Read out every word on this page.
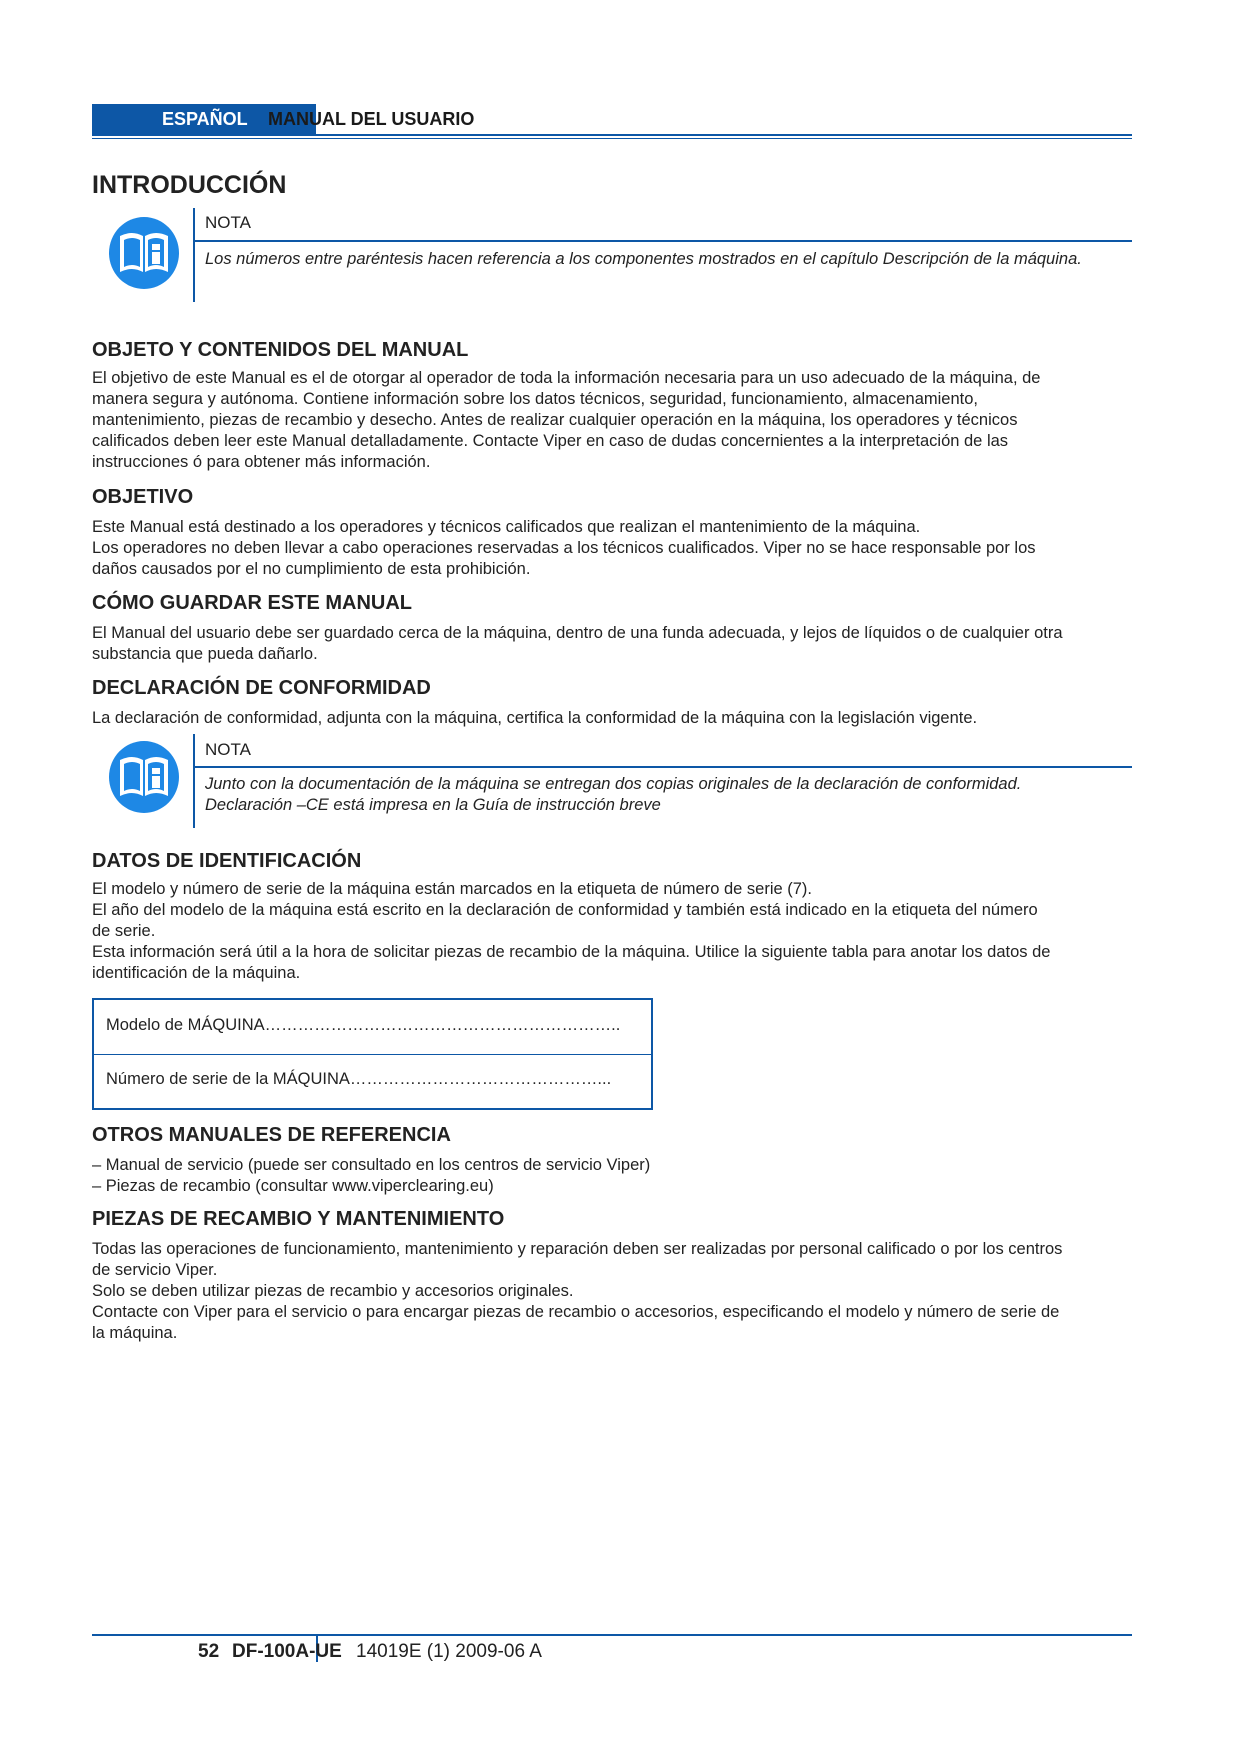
ESPAÑOL MANUAL DEL USUARIO
INTRODUCCIÓN
NOTA

Los números entre paréntesis hacen referencia a los componentes mostrados en el capítulo Descripción de la máquina.

OBJETO Y CONTENIDOS DEL MANUAL

El objetivo de este Manual es el de otorgar al operador de toda la información necesaria para un uso adecuado de la máquina, de
manera segura y autónoma. Contiene información sobre los datos técnicos, seguridad, funcionamiento, almacenamiento,
mantenimiento, piezas de recambio y desecho. Antes de realizar cualquier operación en la máquina, los operadores y técnicos
calificados deben leer este Manual detalladamente. Contacte Viper en caso de dudas concernientes a la interpretación de las
instrucciones ó para obtener más información.

OBJETIVO

Este Manual está destinado a los operadores y técnicos calificados que realizan el mantenimiento de la máquina.
Los operadores no deben llevar a cabo operaciones reservadas a los técnicos cualificados. Viper no se hace responsable por los
daños causados por el no cumplimiento de esta prohibición.

CÓMO GUARDAR ESTE MANUAL

El Manual del usuario debe ser guardado cerca de la máquina, dentro de una funda adecuada, y lejos de líquidos o de cualquier otra
substancia que pueda dañarlo.

DECLARACIÓN DE CONFORMIDAD

La declaración de conformidad, adjunta con la máquina, certifica la conformidad de la máquina con la legislación vigente.

NOTA

Junto con la documentación de la máquina se entregan dos copias originales de la declaración de conformidad.
Declaración –CE está impresa en la Guía de instrucción breve

DATOS DE IDENTIFICACIÓN

El modelo y número de serie de la máquina están marcados en la etiqueta de número de serie (7).
El año del modelo de la máquina está escrito en la declaración de conformidad y también está indicado en la etiqueta del número
de serie.
Esta información será útil a la hora de solicitar piezas de recambio de la máquina. Utilice la siguiente tabla para anotar los datos de
identificación de la máquina.

Modelo de MÁQUINA………………………………………………………..
Número de serie de la MÁQUINA………………………………………...
OTROS MANUALES DE REFERENCIA
– Manual de servicio (puede ser consultado en los centros de servicio Viper)
– Piezas de recambio (consultar www.viperclearing.eu)
PIEZAS DE RECAMBIO Y MANTENIMIENTO

Todas las operaciones de funcionamiento, mantenimiento y reparación deben ser realizadas por personal calificado o por los centros
de servicio Viper.
Solo se deben utilizar piezas de recambio y accesorios originales.
Contacte con Viper para el servicio o para encargar piezas de recambio o accesorios, especificando el modelo y número de serie de
la máquina.

52 DF-100A-UE 14019E (1) 2009-06 A
